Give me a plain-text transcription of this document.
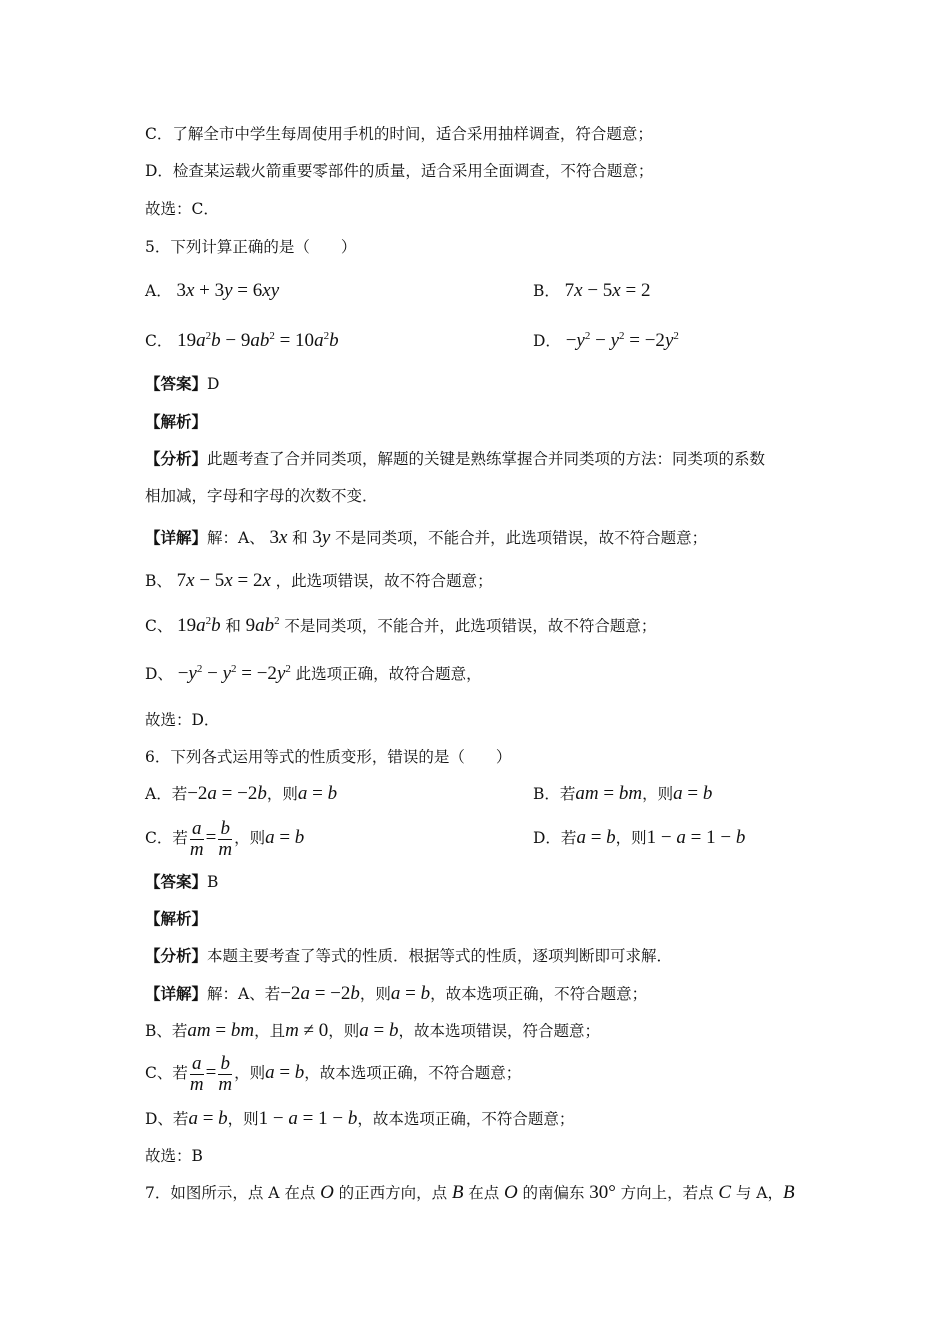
C．了解全市中学生每周使用手机的时间，适合采用抽样调查，符合题意；
D．检查某运载火箭重要零部件的质量，适合采用全面调查，不符合题意；
故选：C．
5．下列计算正确的是（　　）
A． 3x + 3y = 6xy	B． 7x − 5x = 2
C． $19a^2b - 9ab^2 = 10a^2b$	D． $-y^2 - y^2 = -2y^2$
【答案】D
【解析】
【分析】此题考查了合并同类项，解题的关键是熟练掌握合并同类项的方法：同类项的系数
相加减，字母和字母的次数不变．
【详解】解：A、 3x 和 3y 不是同类项，不能合并，此选项错误，故不符合题意；
B、 7x − 5x = 2x ，此选项错误，故不符合题意；
C、 $19a^2b$ 和 $9ab^2$ 不是同类项，不能合并，此选项错误，故不符合题意；
D、 $-y^2 - y^2 = -2y^2$ 此选项正确，故符合题意，
故选：D．
6．下列各式运用等式的性质变形，错误的是（　　）
A．若−2a = −2b，则a = b	B．若am = bm，则a = b
C．若 $\frac{a}{m} = \frac{b}{m}$ ，则a = b	D．若a = b，则1 − a = 1 − b
【答案】B
【解析】
【分析】本题主要考查了等式的性质．根据等式的性质，逐项判断即可求解．
【详解】解：A、若−2a = −2b，则a = b，故本选项正确，不符合题意；
B、若am = bm，且m ≠ 0，则a = b，故本选项错误，符合题意；
C、若 $\frac{a}{m} = \frac{b}{m}$ ，则a = b，故本选项正确，不符合题意；
D、若a = b，则1 − a = 1 − b，故本选项正确，不符合题意；
故选：B
7．如图所示，点 A 在点 O 的正西方向，点 B 在点 O 的南偏东 30° 方向上，若点 C 与 A，B
